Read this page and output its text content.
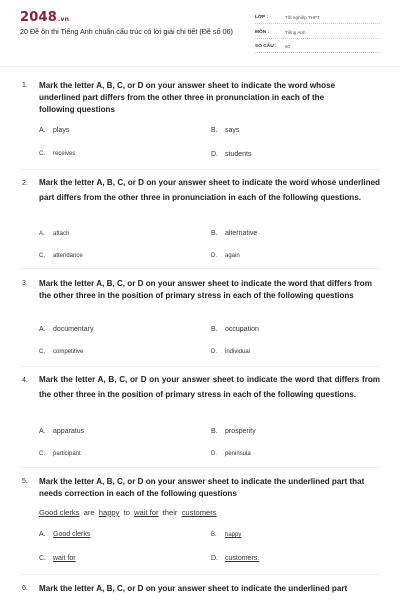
2048.vn
20 Đề ôn thi Tiếng Anh chuẩn cấu trúc có lời giải chi tiết (Đề số 06)
LỚP :	Tốt nghiệp THPT
MÔN :	Tiếng Anh
SỐ CÂU :	50
1. Mark the letter A, B, C, or D on your answer sheet to indicate the word whose underlined part differs from the other three in pronunciation in each of the following questions
A. plays	B. says
C. receives	D. students
2. Mark the letter A, B, C, or D on your answer sheet to indicate the word whose underlined part differs from the other three in pronunciation in each of the following questions.
A. attach	B. alternative
C. attendance	D. again
3. Mark the letter A, B, C, or D on your answer sheet to indicate the word that differs from the other three in the position of primary stress in each of the following questions
A. documentary	B. occupation
C. competitive	D. individual
4. Mark the letter A, B, C, or D on your answer sheet to indicate the word that differs from the other three in the position of primary stress in each of the following questions.
A. apparatus	B. prosperity
C. participant	D. peninsula
5. Mark the letter A, B, C, or D on your answer sheet to indicate the underlined part that needs correction in each of the following questions
Good clerks are happy to wait for their customers
A. Good clerks	B. happy
C. wait for	D. customers.
6. Mark the letter A, B, C, or D on your answer sheet to indicate the underlined part
